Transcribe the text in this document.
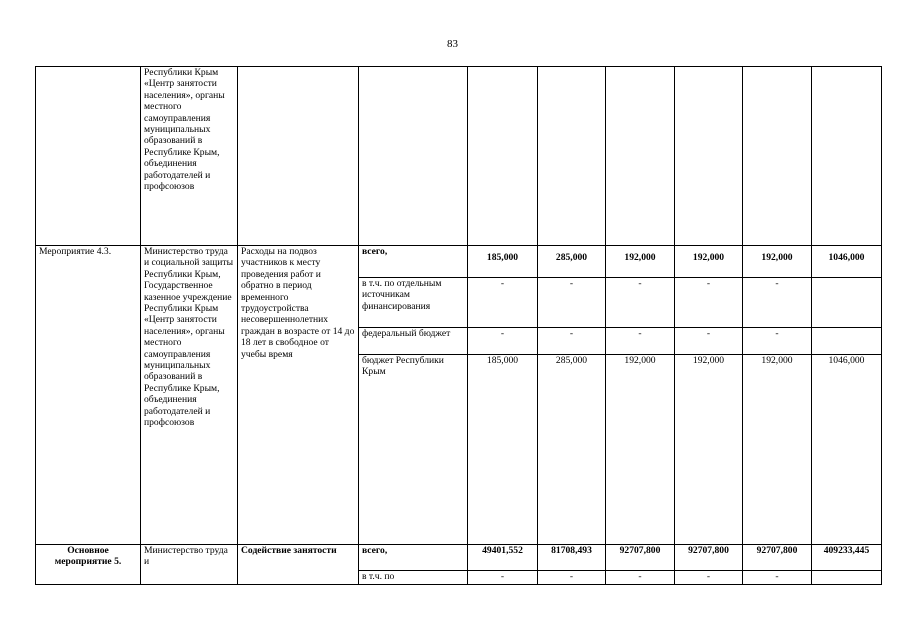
83
	Республики Крым «Центр занятости населения», органы местного самоуправления муниципальных образований в Республике Крым, объединения работодателей и профсоюзов								
Мероприятие 4.3.	Министерство труда и социальной защиты Республики Крым, Государственное казенное учреждение Республики Крым «Центр занятости населения», органы местного самоуправления муниципальных образований в Республике Крым, объединения работодателей и профсоюзов	Расходы на подвоз участников к месту проведения работ и обратно в период временного трудоустройства несовершеннолетних граждан в возрасте от 14 до 18 лет в свободное от учебы время	всего,	185,000	285,000	192,000	192,000	192,000	1046,000
			в т.ч. по отдельным источникам финансирования	-	-	-	-	-	
			федеральный бюджет	-	-	-	-	-	
			бюджет Республики Крым	185,000	285,000	192,000	192,000	192,000	1046,000
Основное мероприятие 5.	Министерство труда и	Содействие занятости	всего,	49401,552	81708,493	92707,800	92707,800	92707,800	409233,445
			в т.ч. по	-	-	-	-	-	
